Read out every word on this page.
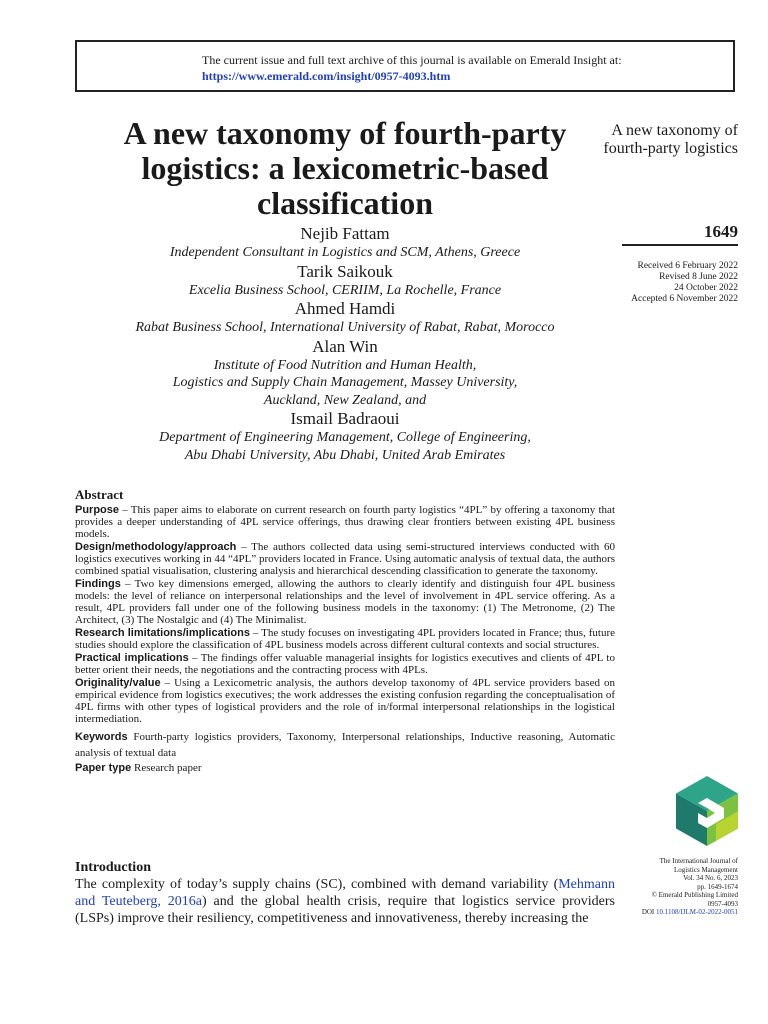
The current issue and full text archive of this journal is available on Emerald Insight at:
https://www.emerald.com/insight/0957-4093.htm
A new taxonomy of fourth-party logistics: a lexicometric-based classification
A new taxonomy of fourth-party logistics
1649
Received 6 February 2022
Revised 8 June 2022
24 October 2022
Accepted 6 November 2022
Nejib Fattam
Independent Consultant in Logistics and SCM, Athens, Greece
Tarik Saikouk
Excelia Business School, CERIIM, La Rochelle, France
Ahmed Hamdi
Rabat Business School, International University of Rabat, Rabat, Morocco
Alan Win
Institute of Food Nutrition and Human Health,
Logistics and Supply Chain Management, Massey University,
Auckland, New Zealand, and
Ismail Badraoui
Department of Engineering Management, College of Engineering,
Abu Dhabi University, Abu Dhabi, United Arab Emirates
Abstract

Purpose – This paper aims to elaborate on current research on fourth party logistics “4PL” by offering a taxonomy that provides a deeper understanding of 4PL service offerings, thus drawing clear frontiers between existing 4PL business models.

Design/methodology/approach – The authors collected data using semi-structured interviews conducted with 60 logistics executives working in 44 “4PL” providers located in France. Using automatic analysis of textual data, the authors combined spatial visualisation, clustering analysis and hierarchical descending classification to generate the taxonomy.

Findings – Two key dimensions emerged, allowing the authors to clearly identify and distinguish four 4PL business models: the level of reliance on interpersonal relationships and the level of involvement in 4PL service offering. As a result, 4PL providers fall under one of the following business models in the taxonomy: (1) The Metronome, (2) The Architect, (3) The Nostalgic and (4) The Minimalist.

Research limitations/implications – The study focuses on investigating 4PL providers located in France; thus, future studies should explore the classification of 4PL business models across different cultural contexts and social structures.

Practical implications – The findings offer valuable managerial insights for logistics executives and clients of 4PL to better orient their needs, the negotiations and the contracting process with 4PLs.

Originality/value – Using a Lexicometric analysis, the authors develop taxonomy of 4PL service providers based on empirical evidence from logistics executives; the work addresses the existing confusion regarding the conceptualisation of 4PL firms with other types of logistical providers and the role of in/formal interpersonal relationships in the logistical intermediation.

Keywords Fourth-party logistics providers, Taxonomy, Interpersonal relationships, Inductive reasoning, Automatic analysis of textual data

Paper type Research paper

Introduction

The complexity of today’s supply chains (SC), combined with demand variability (Mehmann and Teuteberg, 2016a) and the global health crisis, require that logistics service providers (LSPs) improve their resiliency, competitiveness and innovativeness, thereby increasing the

The International Journal of
Logistics Management
Vol. 34 No. 6, 2023
pp. 1649-1674
© Emerald Publishing Limited
0957-4093
DOI 10.1108/IJLM-02-2022-0051
